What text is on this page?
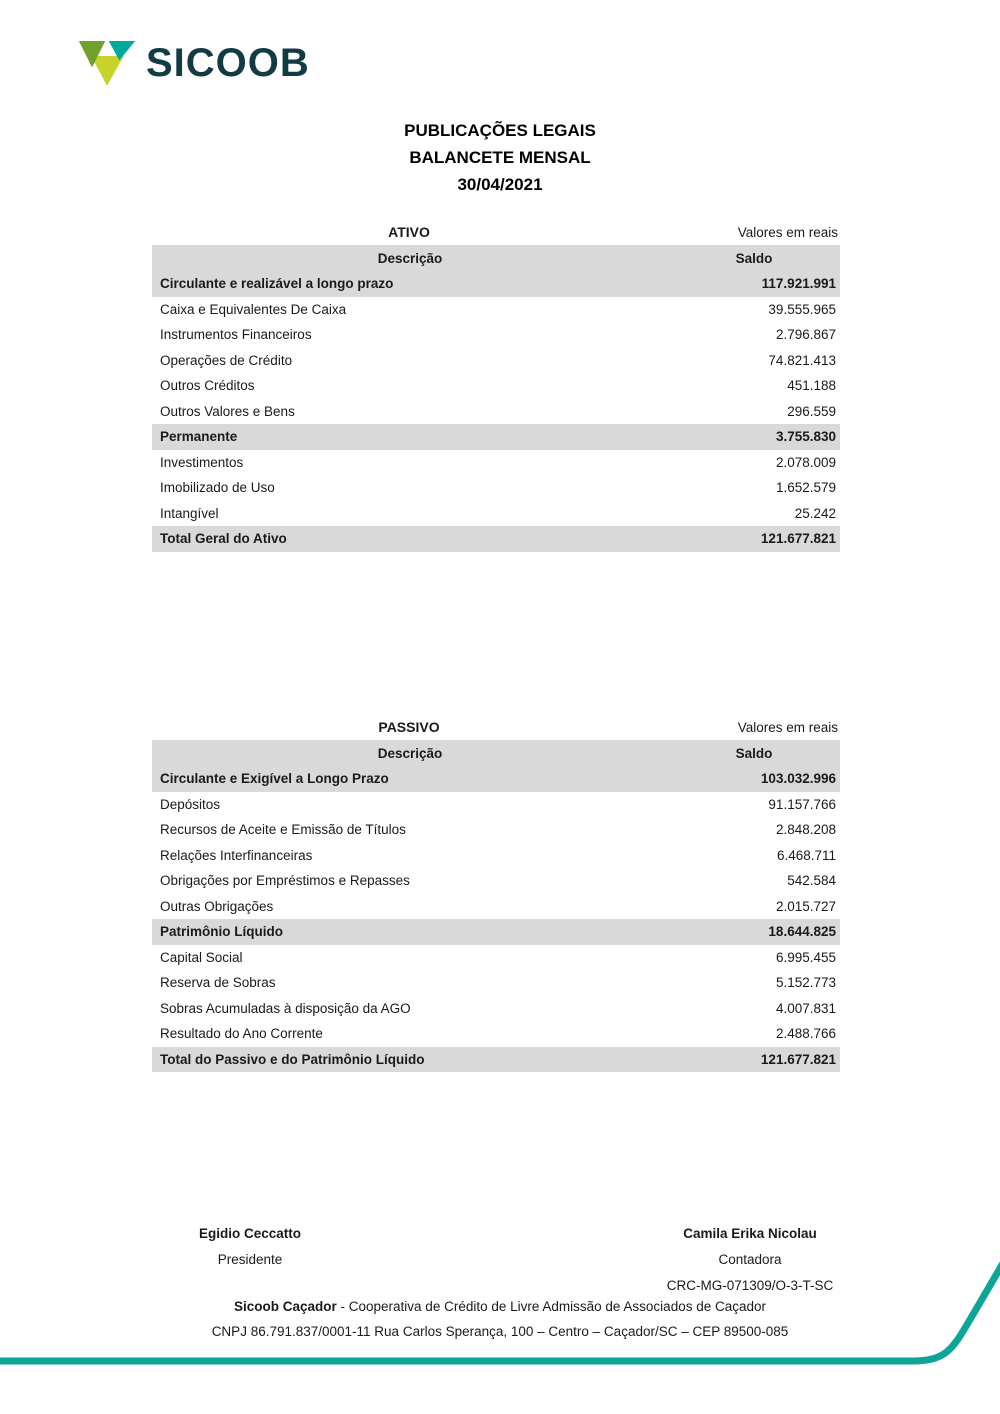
SICOOB
PUBLICAÇÕES LEGAIS
BALANCETE MENSAL
30/04/2021
ATIVO	Valores em reais
Descrição	Saldo
Circulante e realizável a longo prazo	117.921.991
Caixa e Equivalentes De Caixa	39.555.965
Instrumentos Financeiros	2.796.867
Operações de Crédito	74.821.413
Outros Créditos	451.188
Outros Valores e Bens	296.559
Permanente	3.755.830
Investimentos	2.078.009
Imobilizado de Uso	1.652.579
Intangível	25.242
Total Geral do Ativo	121.677.821
PASSIVO	Valores em reais
Descrição	Saldo
Circulante e Exigível a Longo Prazo	103.032.996
Depósitos	91.157.766
Recursos de Aceite e Emissão de Títulos	2.848.208
Relações Interfinanceiras	6.468.711
Obrigações por Empréstimos e Repasses	542.584
Outras Obrigações	2.015.727
Patrimônio Líquido	18.644.825
Capital Social	6.995.455
Reserva de Sobras	5.152.773
Sobras Acumuladas à disposição da AGO	4.007.831
Resultado do Ano Corrente	2.488.766
Total do Passivo e do Patrimônio Líquido	121.677.821
Egidio Ceccatto
Presidente
Camila Erika Nicolau
Contadora
CRC-MG-071309/O-3-T-SC
Sicoob Caçador - Cooperativa de Crédito de Livre Admissão de Associados de Caçador
CNPJ 86.791.837/0001-11 Rua Carlos Sperança, 100 – Centro – Caçador/SC – CEP 89500-085
